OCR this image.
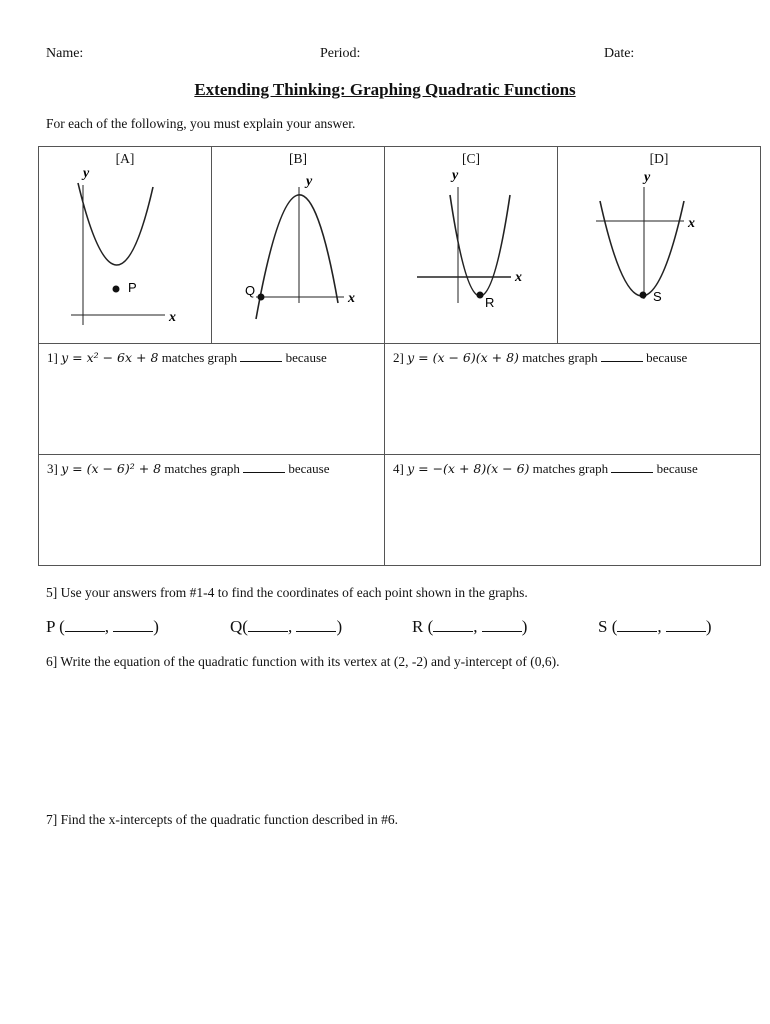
Name:	Period:	Date:
Extending Thinking: Graphing Quadratic Functions
For each of the following, you must explain your answer.
[A]
y
x
P	[B]
y
x
Q	[C]
y
x
R	[D]
y
x
S

1] y = x² − 6x + 8 matches graph because		2] y = (x − 6)(x + 8) matches graph because	
3] y = (x − 6)² + 8 matches graph because		4] y = −(x + 8)(x − 6) matches graph because	
5] Use your answers from #1-4 to find the coordinates of each point shown in the graphs.
P ( ,	)	Q( ,	)	R ( ,	)	S ( ,	)
6] Write the equation of the quadratic function with its vertex at (2, -2) and y-intercept of (0,6).
7] Find the x-intercepts of the quadratic function described in #6.
